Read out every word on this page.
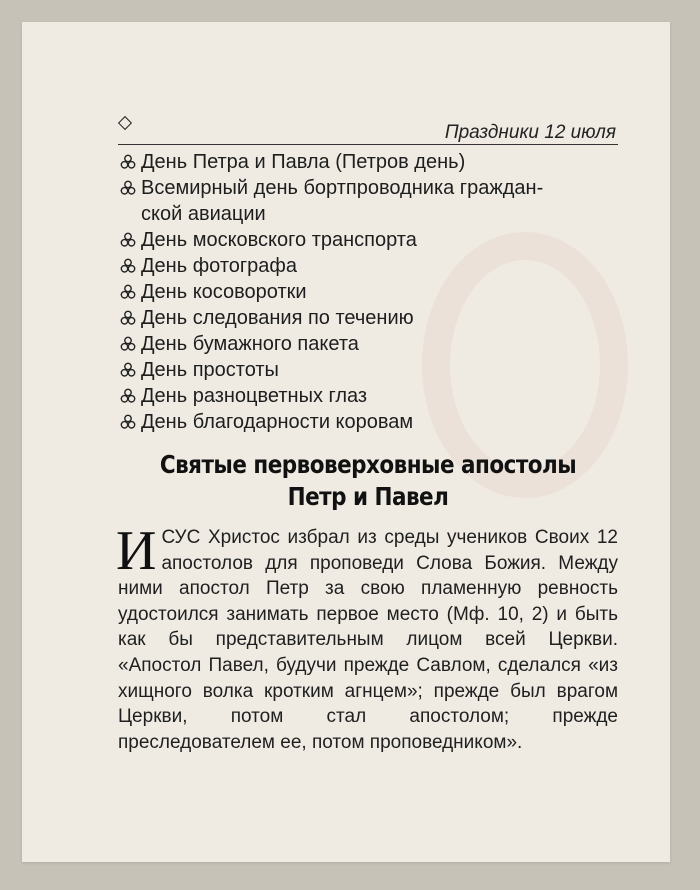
Праздники 12 июля
День Петра и Павла (Петров день)
Всемирный день бортпроводника граждан-
ской авиации
День московского транспорта
День фотографа
День косоворотки
День следования по течению
День бумажного пакета
День простоты
День разноцветных глаз
День благодарности коровам
Святые первоверховные апостолы Петр и Павел
ИСУС Христос избрал из среды учеников Своих 12 апостолов для проповеди Слова Божия. Между ними апостол Петр за свою пламенную ревность удостоился занимать первое место (Мф. 10, 2) и быть как бы представительным лицом всей Церкви. «Апостол Павел, будучи прежде Савлом, сделался «из хищного волка кротким агнцем»; прежде был врагом Церкви, потом стал апостолом; прежде преследователем ее, потом проповедником».
